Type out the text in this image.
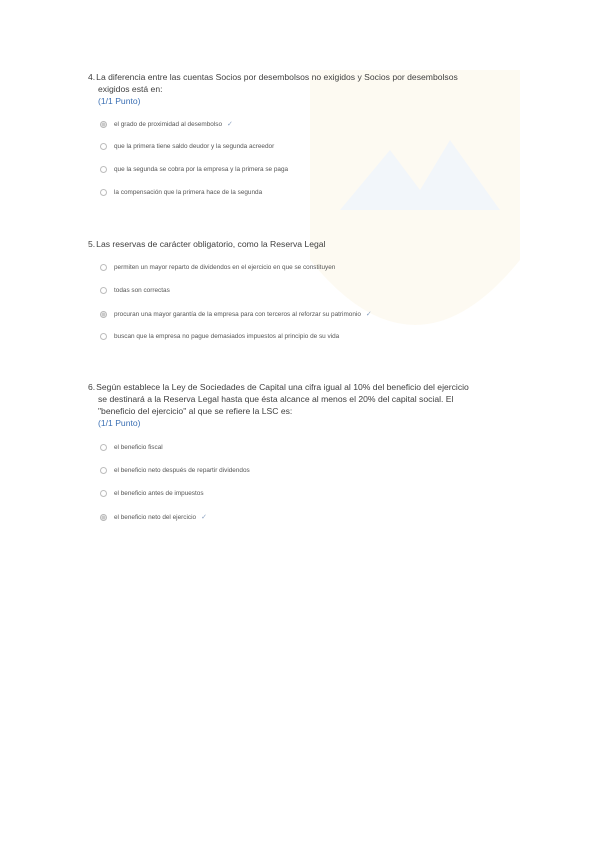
4.La diferencia entre las cuentas Socios por desembolsos no exigidos y Socios por desembolsos
exigidos está en:
(1/1 Punto)
el grado de proximidad al desembolso ✓
que la primera tiene saldo deudor y la segunda acreedor
que la segunda se cobra por la empresa y la primera se paga
la compensación que la primera hace de la segunda
5.Las reservas de carácter obligatorio, como la Reserva Legal
permiten un mayor reparto de dividendos en el ejercicio en que se constituyen
todas son correctas
procuran una mayor garantía de la empresa para con terceros al reforzar su patrimonio ✓
buscan que la empresa no pague demasiados impuestos al principio de su vida
6.Según establece la Ley de Sociedades de Capital una cifra igual al 10% del beneficio del ejercicio
se destinará a la Reserva Legal hasta que ésta alcance al menos el 20% del capital social. El
"beneficio del ejercicio" al que se refiere la LSC es:
(1/1 Punto)
el beneficio fiscal
el beneficio neto después de repartir dividendos
el beneficio antes de impuestos
el beneficio neto del ejercicio ✓
